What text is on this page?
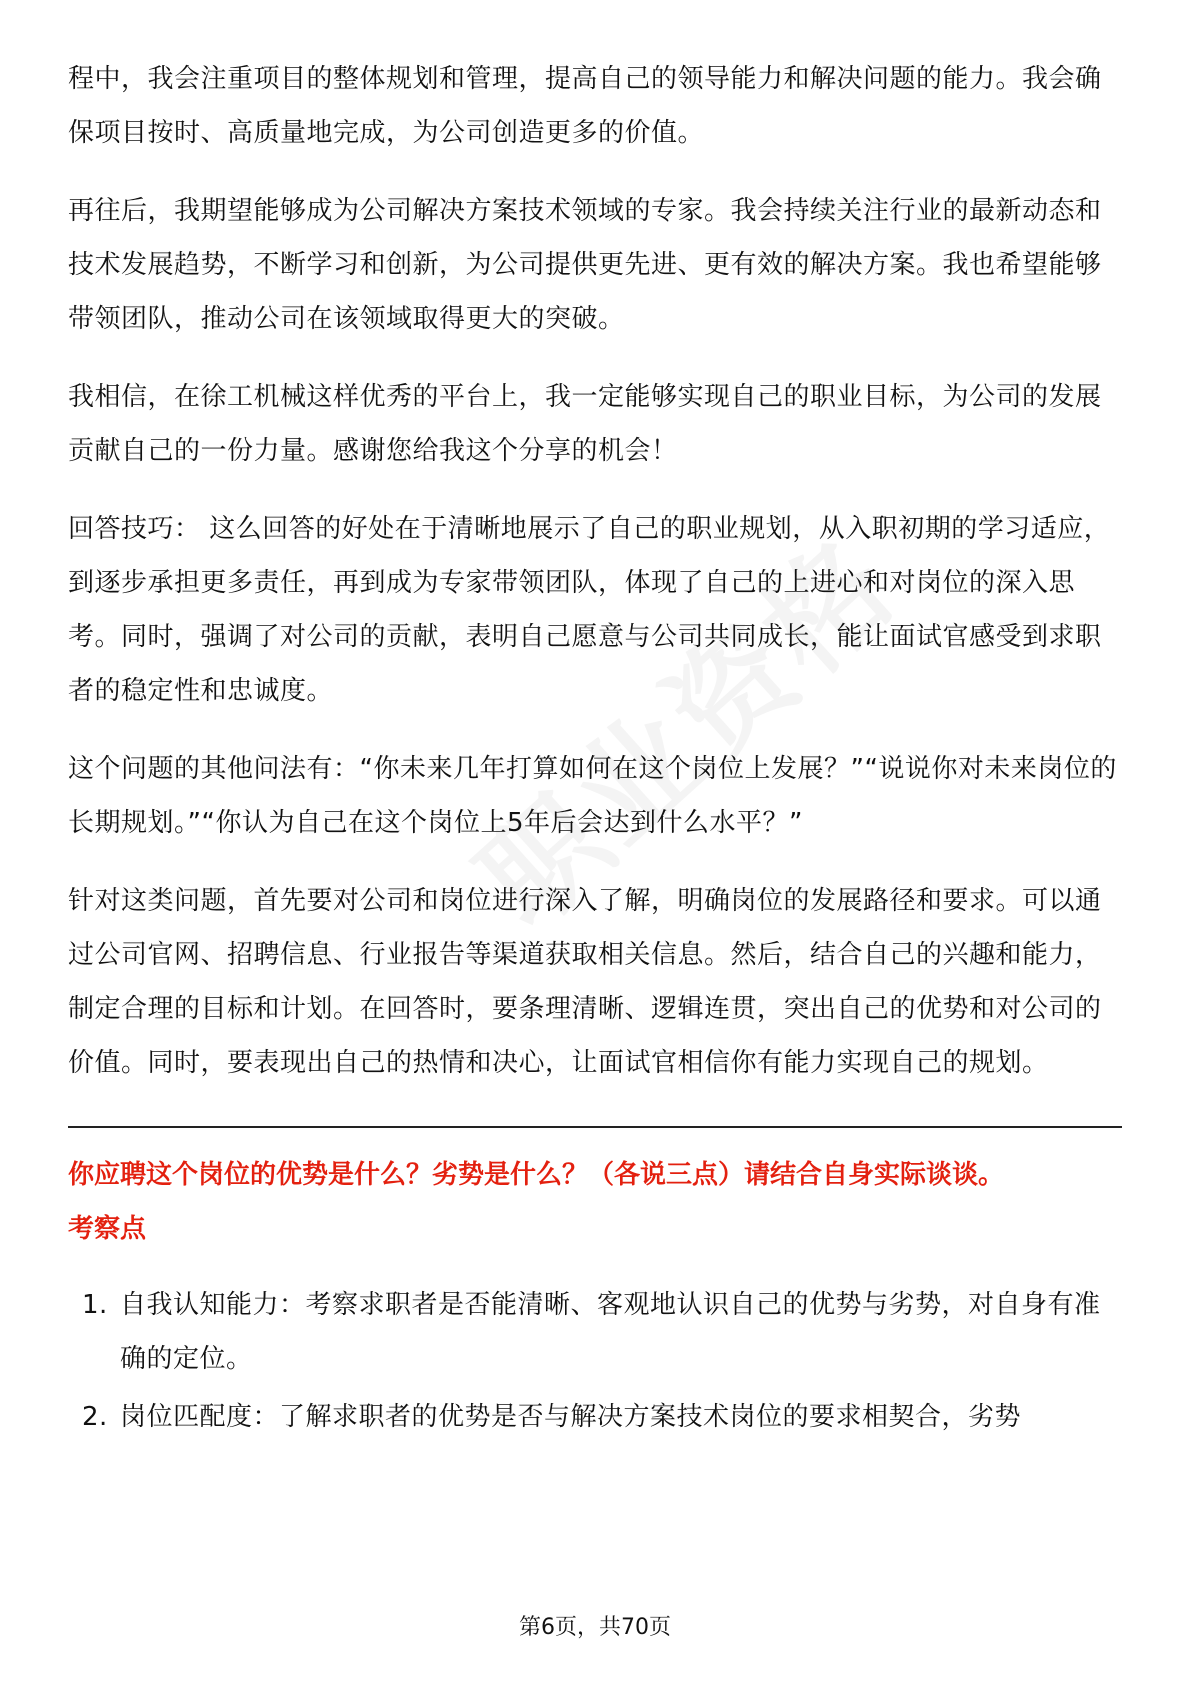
程中，我会注重项目的整体规划和管理，提高自己的领导能力和解决问题的能力。我会确保项目按时、高质量地完成，为公司创造更多的价值。

再往后，我期望能够成为公司解决方案技术领域的专家。我会持续关注行业的最新动态和技术发展趋势，不断学习和创新，为公司提供更先进、更有效的解决方案。我也希望能够带领团队，推动公司在该领域取得更大的突破。

我相信，在徐工机械这样优秀的平台上，我一定能够实现自己的职业目标，为公司的发展贡献自己的一份力量。感谢您给我这个分享的机会！

回答技巧： 这么回答的好处在于清晰地展示了自己的职业规划，从入职初期的学习适应，到逐步承担更多责任，再到成为专家带领团队，体现了自己的上进心和对岗位的深入思考。同时，强调了对公司的贡献，表明自己愿意与公司共同成长，能让面试官感受到求职者的稳定性和忠诚度。

这个问题的其他问法有：“你未来几年打算如何在这个岗位上发展？”“说说你对未来岗位的长期规划。”“你认为自己在这个岗位上5年后会达到什么水平？”

针对这类问题，首先要对公司和岗位进行深入了解，明确岗位的发展路径和要求。可以通过公司官网、招聘信息、行业报告等渠道获取相关信息。然后，结合自己的兴趣和能力，制定合理的目标和计划。在回答时，要条理清晰、逻辑连贯，突出自己的优势和对公司的价值。同时，要表现出自己的热情和决心，让面试官相信你有能力实现自己的规划。

你应聘这个岗位的优势是什么？劣势是什么？（各说三点）请结合自身实际谈谈。

考察点

1. 自我认知能力：考察求职者是否能清晰、客观地认识自己的优势与劣势，对自身有准确的定位。
2. 岗位匹配度：了解求职者的优势是否与解决方案技术岗位的要求相契合，劣势
第6页，共70页
